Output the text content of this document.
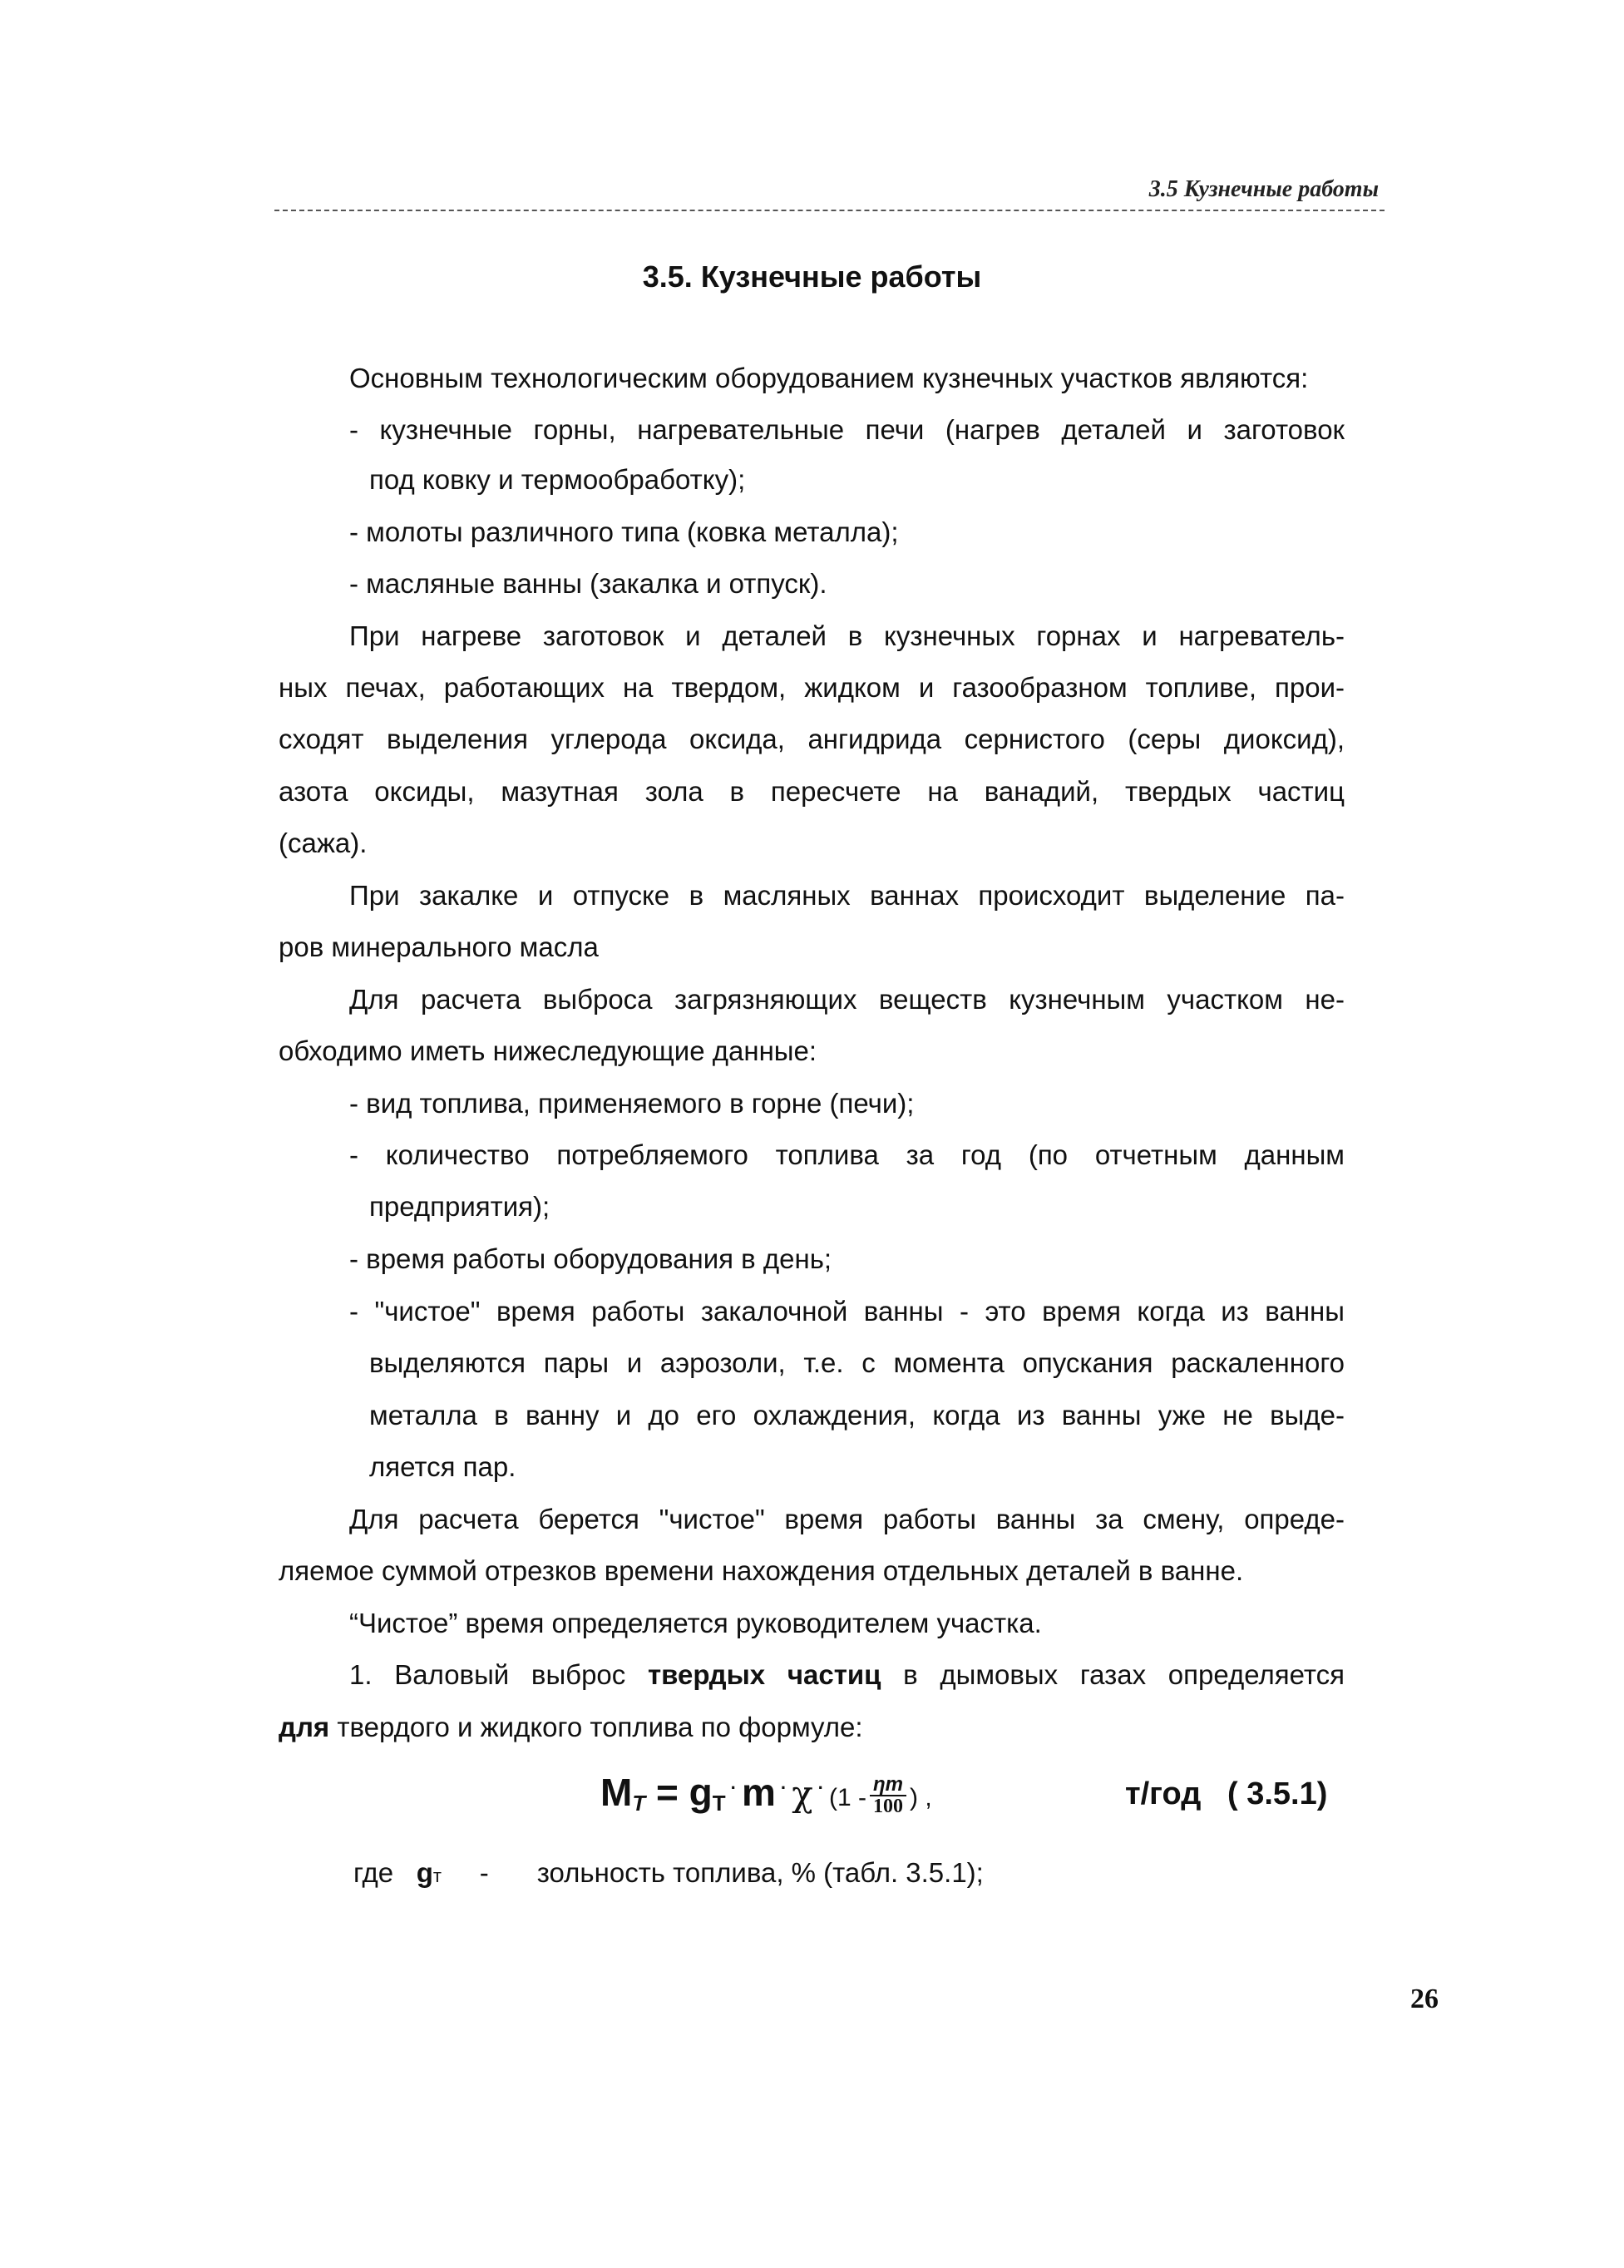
3.5 Кузнечные работы
3.5. Кузнечные работы
Основным технологическим оборудованием кузнечных участков являются:
- кузнечные горны, нагревательные печи (нагрев деталей и заготовок
под ковку и термообработку);
- молоты различного типа (ковка металла);
- масляные ванны (закалка и отпуск).
При нагреве заготовок и деталей в кузнечных горнах и нагреватель-
ных печах, работающих на твердом, жидком и газообразном топливе, прои-
сходят выделения углерода оксида, ангидрида сернистого (серы диоксид),
азота оксиды, мазутная зола в пересчете на ванадий, твердых частиц
(сажа).
При закалке и отпуске в масляных ваннах происходит выделение па-
ров минерального масла
Для расчета выброса загрязняющих веществ кузнечным участком не-
обходимо иметь нижеследующие данные:
- вид топлива, применяемого в горне (печи);
- количество потребляемого топлива за год (по отчетным данным
предприятия);
- время работы оборудования в день;
- "чистое" время работы закалочной ванны - это время когда из ванны
выделяются пары и аэрозоли, т.е. с момента опускания раскаленного
металла в ванну и до его охлаждения, когда из ванны уже не выде-
ляется пар.
Для расчета берется "чистое" время работы ванны за смену, опреде-
ляемое суммой отрезков времени нахождения отдельных деталей в ванне.
“Чистое” время определяется руководителем участка.
1. Валовый выброс твердых частиц в дымовых газах определяется
для твердого и жидкого топлива по формуле:
MT = gT· m · χ · ($1 - \frac{\eta т}{100}$ ) ,	т/год ( 3.5.1)
где gт - зольность топлива, % (табл. 3.5.1);
26
